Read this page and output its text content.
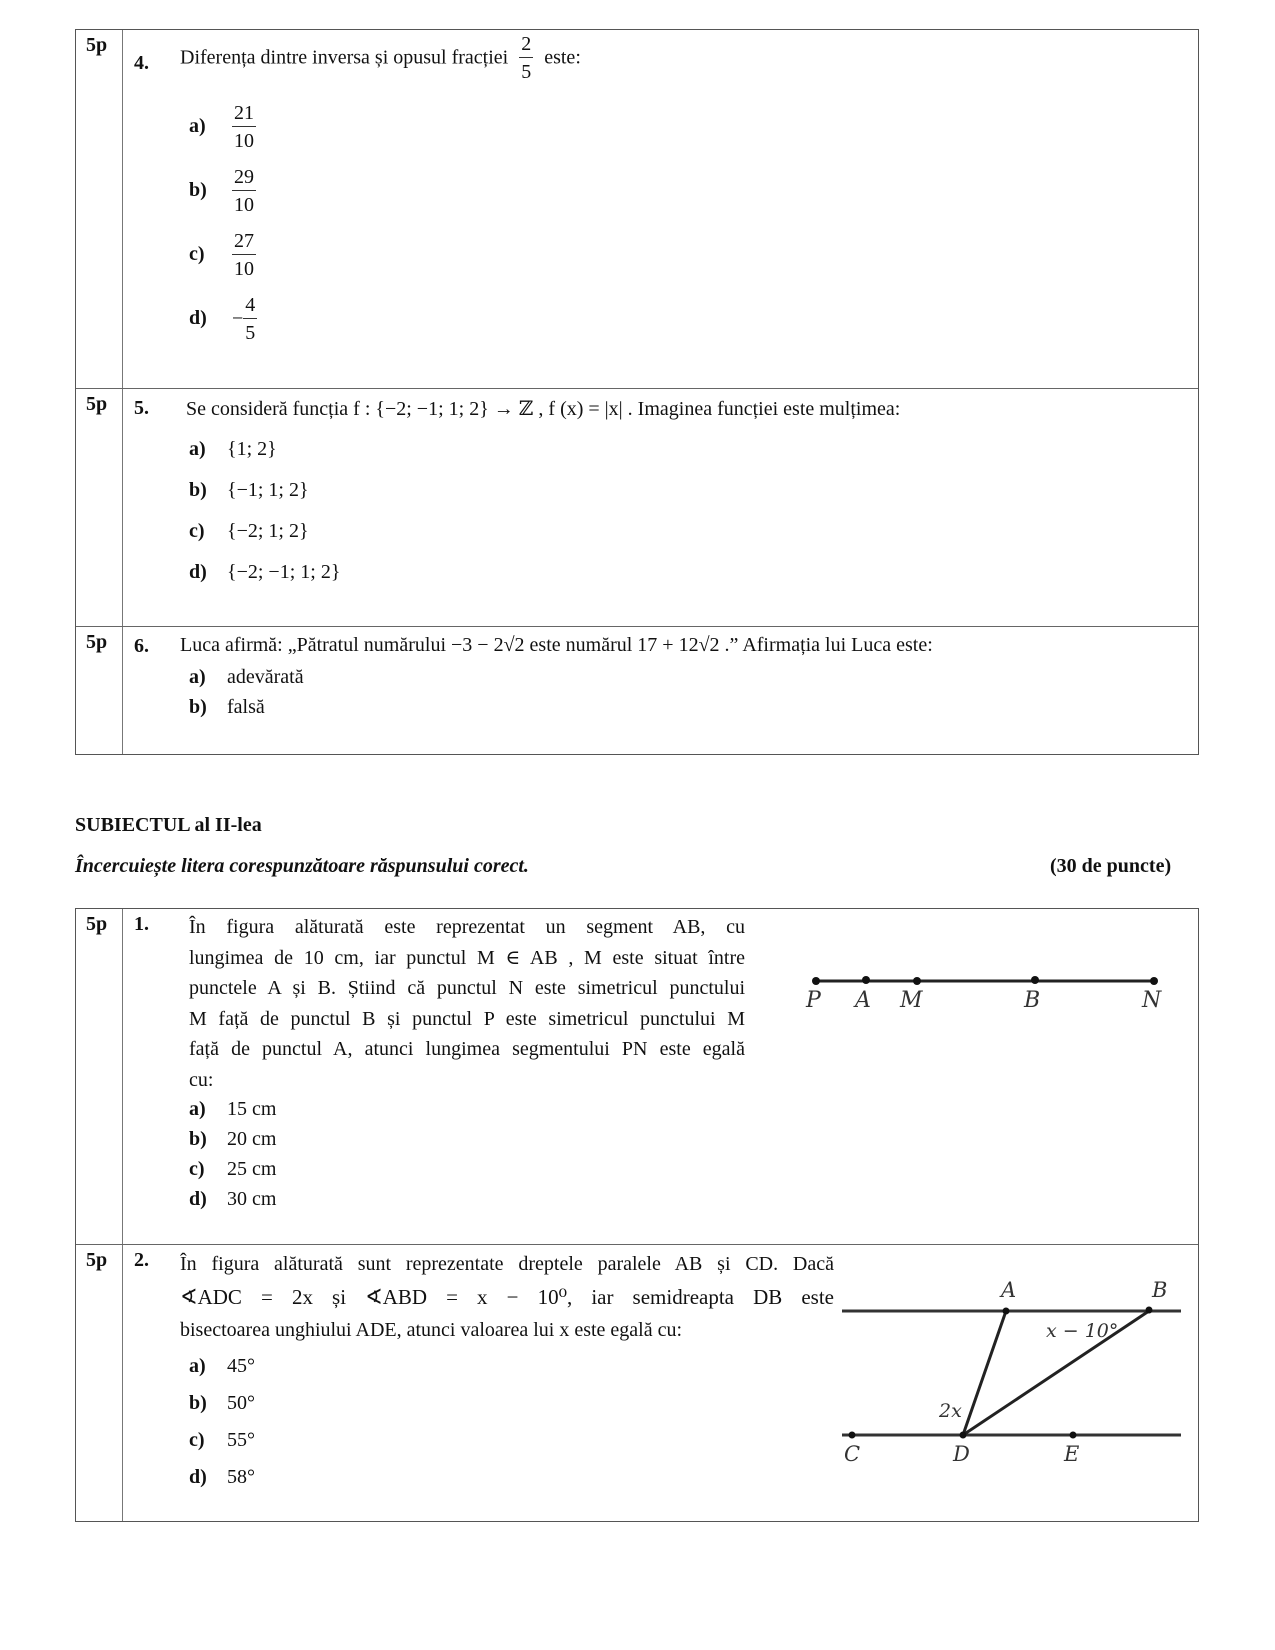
5p
4. Diferența dintre inversa și opusul fracției $\frac{2}{5}$ este:
$a) \frac{21}{10}$
$b) \frac{29}{10}$
$c) \frac{27}{10}$
$d) - \frac{4}{5}$
5p 5. Se consideră funcția f : {−2; −1; 1; 2} → ℤ , f (x) = |x| . Imaginea funcției este mulțimea:
a) {1; 2}
b) {−1; 1; 2}
c) {−2; 1; 2}
d) {−2; −1; 1; 2}
5p 6. Luca afirmă: „Pătratul numărului −3 − 2√2 este numărul 17 + 12√2 .” Afirmația lui Luca este:
a) adevărată
b) falsă
SUBIECTUL al II-lea
Încercuiește litera corespunzătoare răspunsului corect.	(30 de puncte)
5p 1. În figura alăturată este reprezentat un segment AB, cu
lungimea de 10 cm, iar punctul M ∈ AB , M este situat între
punctele A și B. Știind că punctul N este simetricul punctului
M față de punctul B și punctul P este simetricul punctului M
față de punctul A, atunci lungimea segmentului PN este egală
cu:
a) 15 cm
b) 20 cm
c) 25 cm
d) 30 cm
P A M	B	N
5p 2. În figura alăturată sunt reprezentate dreptele paralele AB și CD. Dacă
∢ADC = 2x și ∢ABD = x − 10⁰, iar semidreapta DB este
bisectoarea unghiului ADE, atunci valoarea lui x este egală cu:
a) 45°
b) 50°
c) 55°
d) 58°
A	B
C	D	E
x − 10°
2x
